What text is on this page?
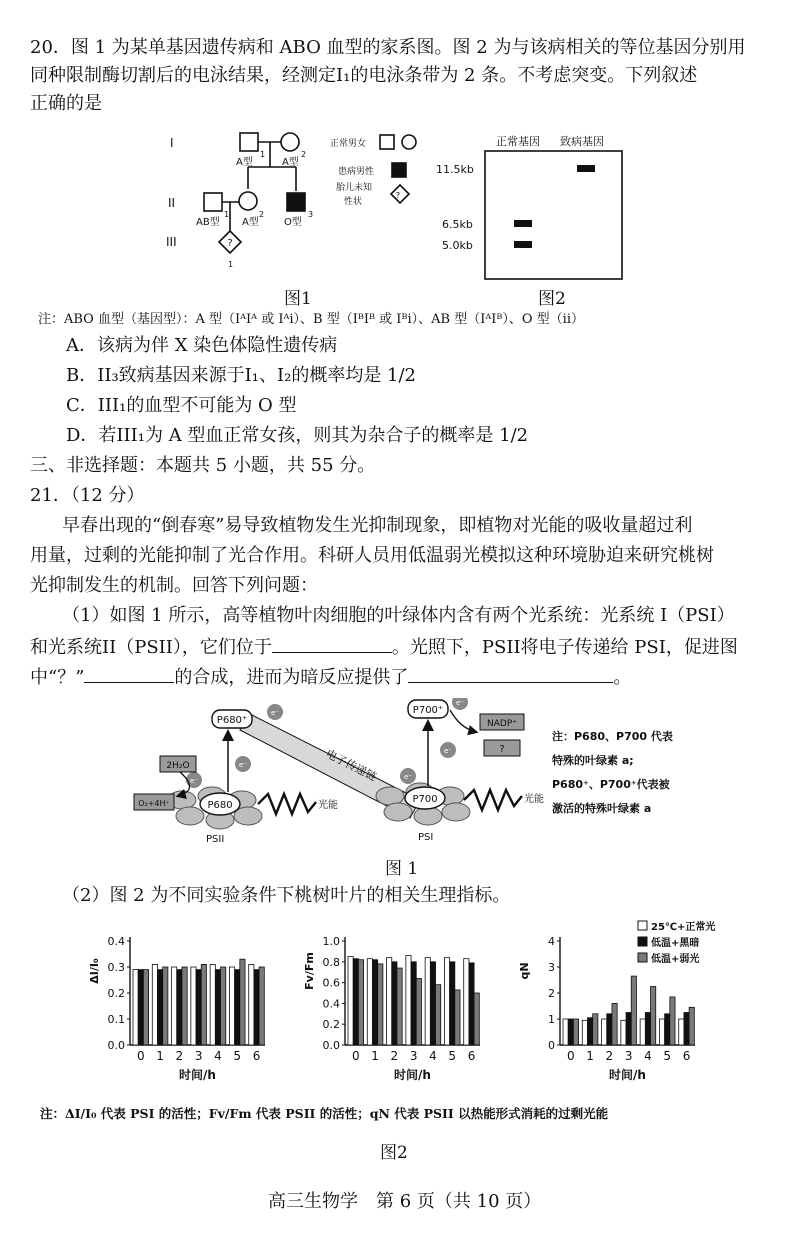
20．图 1 为某单基因遗传病和 ABO 血型的家系图。图 2 为与该病相关的等位基因分别用
同种限制酶切割后的电泳结果，经测定I₁的电泳条带为 2 条。不考虑突变。下列叙述
正确的是
?
?
I
II
III
1	2
1	2	3
1
A型	A型
AB型 A型	O型
正常男女
患病男性
胎儿未知
性状
图1
正常基因 致病基因
11.5kb
6.5kb
5.0kb
图2
注：ABO 血型（基因型）：A 型（IᴬIᴬ 或 Iᴬi）、B 型（IᴮIᴮ 或 Iᴮi）、AB 型（IᴬIᴮ）、O 型（ii）
A．该病为伴 X 染色体隐性遗传病
B．II₃致病基因来源于I₁、I₂的概率均是 1/2
C．III₁的血型不可能为 O 型
D．若III₁为 A 型血正常女孩，则其为杂合子的概率是 1/2
三、非选择题：本题共 5 小题，共 55 分。
21．（12 分）
早春出现的“倒春寒”易导致植物发生光抑制现象，即植物对光能的吸收量超过利
用量，过剩的光能抑制了光合作用。科研人员用低温弱光模拟这种环境胁迫来研究桃树
光抑制发生的机制。回答下列问题：
（1）如图 1 所示，高等植物叶肉细胞的叶绿体内含有两个光系统：光系统 I（PSI）
和光系统II（PSII），它们位于	。光照下，PSII将电子传递给 PSI，促进图
中“？”	的合成，进而为暗反应提供了	。
电子传递链
P680
P680⁺
e⁻
e⁻
e⁻
2H₂O
O₂+4H⁺	光能
PSII
e⁻
P700
P700⁺
e⁻
e⁻
NADP⁺
?
光能
PSI
注：P680、P700 代表
特殊的叶绿素 a;
P680⁺、P700⁺代表被
激活的特殊叶绿素 a
图 1
（2）图 2 为不同实验条件下桃树叶片的相关生理指标。
0.0
0.1
0.2
0.3
0.4
ΔI/I₀
0 1 2 3 4 5 6
时间/h
0.0
0.2
0.4
0.6
0.8
1.0
Fv/Fm
0 1 2 3 4 5 6
时间/h
0
1
2
3
4
qN
0 1 2 3 4 5 6
时间/h
25℃+正常光
低温+黑暗
低温+弱光
注：ΔI/I₀ 代表 PSI 的活性；Fv/Fm 代表 PSII 的活性；qN 代表 PSII 以热能形式消耗的过剩光能
图2
高三生物学　第 6 页（共 10 页）
